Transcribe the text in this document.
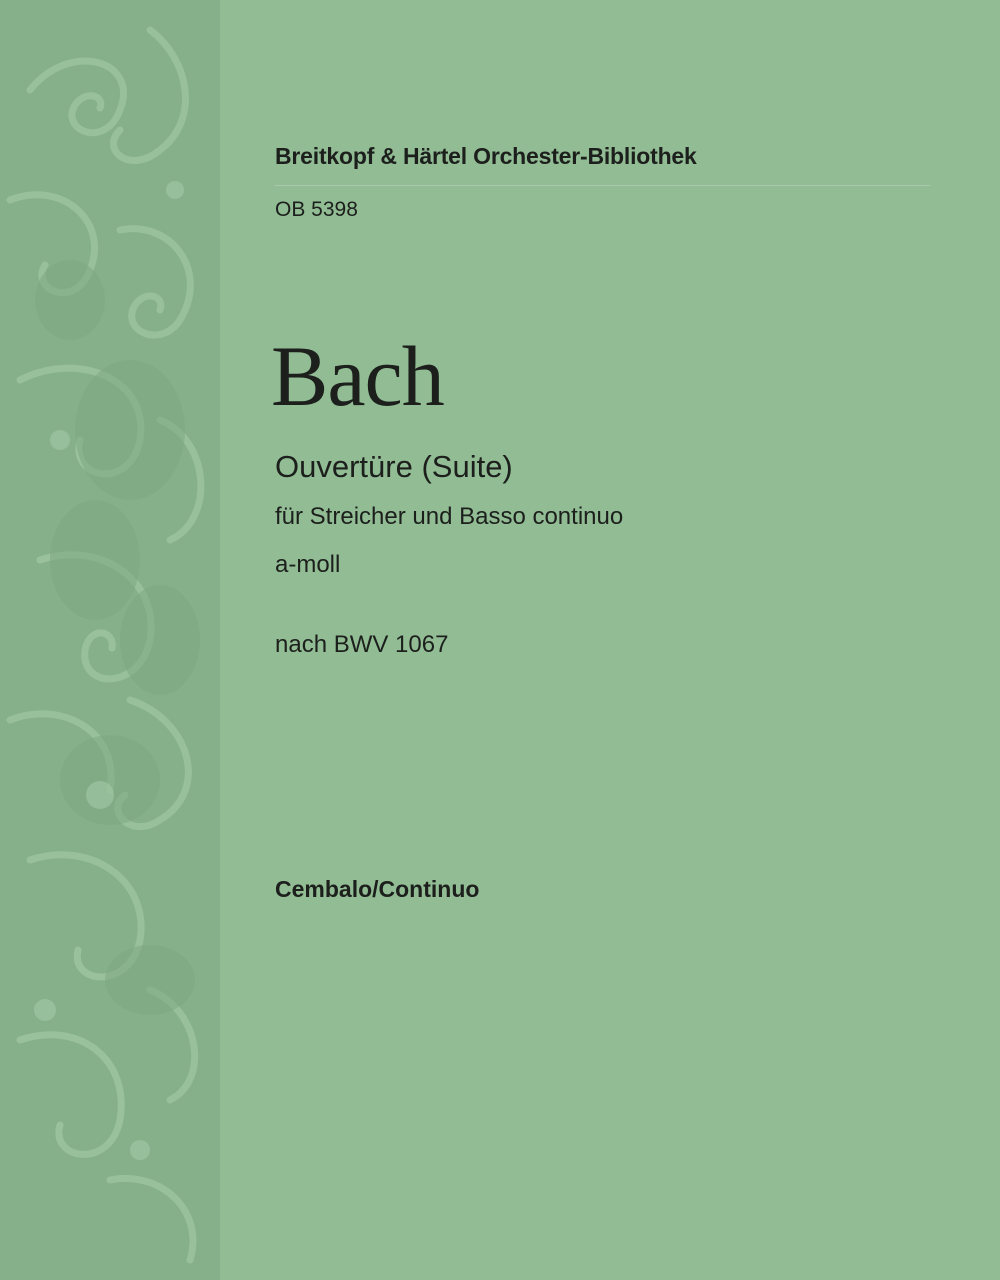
Breitkopf & Härtel Orchester-Bibliothek
OB 5398
Bach
Ouvertüre (Suite)
für Streicher und Basso continuo
a-moll
nach BWV 1067
Cembalo/Continuo
